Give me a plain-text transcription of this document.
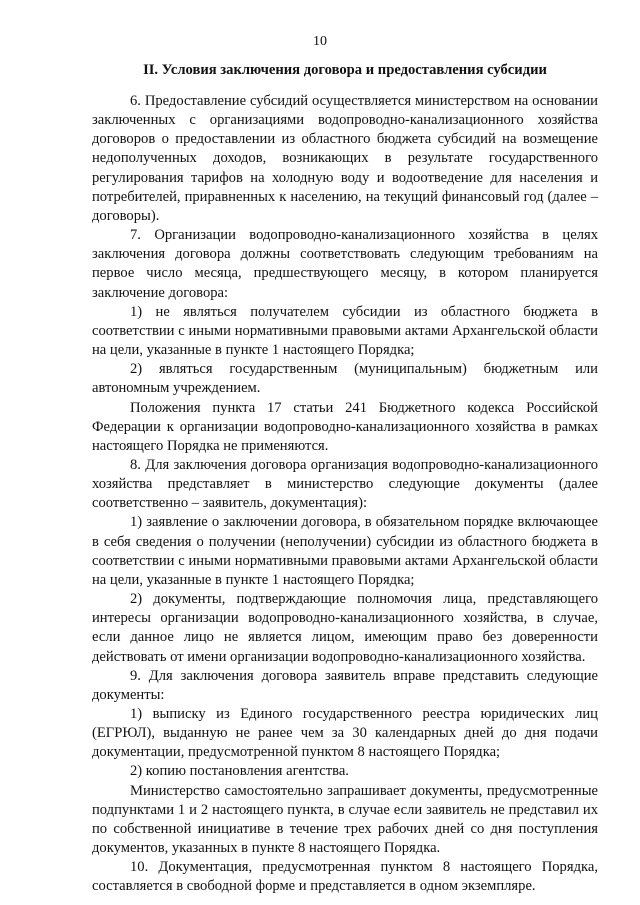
10
II. Условия заключения договора и предоставления субсидии

6. Предоставление субсидий осуществляется министерством на основании заключенных с организациями водопроводно-канализационного хозяйства договоров о предоставлении из областного бюджета субсидий на возмещение недополученных доходов, возникающих в результате государственного регулирования тарифов на холодную воду и водоотведение для населения и потребителей, приравненных к населению, на текущий финансовый год (далее – договоры).

7. Организации водопроводно-канализационного хозяйства в целях заключения договора должны соответствовать следующим требованиям на первое число месяца, предшествующего месяцу, в котором планируется заключение договора:

1) не являться получателем субсидии из областного бюджета в соответствии с иными нормативными правовыми актами Архангельской области на цели, указанные в пункте 1 настоящего Порядка;

2) являться государственным (муниципальным) бюджетным или автономным учреждением.

Положения пункта 17 статьи 241 Бюджетного кодекса Российской Федерации к организации водопроводно-канализационного хозяйства в рамках настоящего Порядка не применяются.

8. Для заключения договора организация водопроводно-канализационного хозяйства представляет в министерство следующие документы (далее соответственно – заявитель, документация):

1) заявление о заключении договора, в обязательном порядке включающее в себя сведения о получении (неполучении) субсидии из областного бюджета в соответствии с иными нормативными правовыми актами Архангельской области на цели, указанные в пункте 1 настоящего Порядка;

2) документы, подтверждающие полномочия лица, представляющего интересы организации водопроводно-канализационного хозяйства, в случае, если данное лицо не является лицом, имеющим право без доверенности действовать от имени организации водопроводно-канализационного хозяйства.

9. Для заключения договора заявитель вправе представить следующие документы:

1) выписку из Единого государственного реестра юридических лиц (ЕГРЮЛ), выданную не ранее чем за 30 календарных дней до дня подачи документации, предусмотренной пунктом 8 настоящего Порядка;

2) копию постановления агентства.

Министерство самостоятельно запрашивает документы, предусмотренные подпунктами 1 и 2 настоящего пункта, в случае если заявитель не представил их по собственной инициативе в течение трех рабочих дней со дня поступления документов, указанных в пункте 8 настоящего Порядка.

10. Документация, предусмотренная пунктом 8 настоящего Порядка, составляется в свободной форме и представляется в одном экземпляре.
